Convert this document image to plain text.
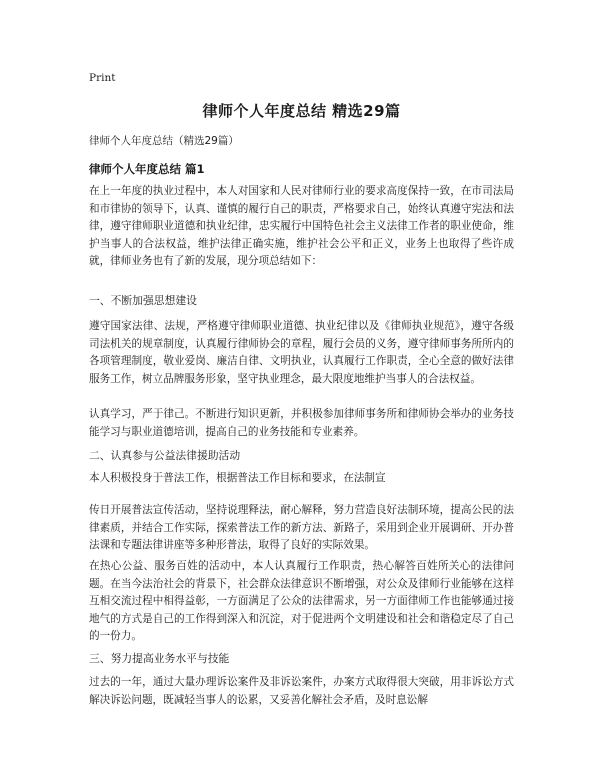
Print
律师个人年度总结 精选29篇
律师个人年度总结（精选29篇）
律师个人年度总结 篇1

在上一年度的执业过程中，本人对国家和人民对律师行业的要求高度保持一致，在市司法局和市律协的领导下，认真、谨慎的履行自己的职责，严格要求自己，始终认真遵守宪法和法律，遵守律师职业道德和执业纪律，忠实履行中国特色社会主义法律工作者的职业使命，维护当事人的合法权益，维护法律正确实施，维护社会公平和正义，业务上也取得了些许成就，律师业务也有了新的发展，现分项总结如下：

一、不断加强思想建设

遵守国家法律、法规，严格遵守律师职业道德、执业纪律以及《律师执业规范》，遵守各级司法机关的规章制度，认真履行律师协会的章程，履行会员的义务，遵守律师事务所所内的各项管理制度，敬业爱岗、廉洁自律、文明执业，认真履行工作职责，全心全意的做好法律服务工作，树立品牌服务形象，坚守执业理念，最大限度地维护当事人的合法权益。

认真学习，严于律己。不断进行知识更新，并积极参加律师事务所和律师协会举办的业务技能学习与职业道德培训，提高自己的业务技能和专业素养。

二、认真参与公益法律援助活动

本人积极投身于普法工作，根据普法工作目标和要求，在法制宣

传日开展普法宣传活动，坚持说理释法，耐心解释，努力营造良好法制环境，提高公民的法律素质，并结合工作实际，探索普法工作的新方法、新路子，采用到企业开展调研、开办普法课和专题法律讲座等多种形普法，取得了良好的实际效果。

在热心公益、服务百姓的活动中，本人认真履行工作职责，热心解答百姓所关心的法律问题。在当今法治社会的背景下，社会群众法律意识不断增强，对公众及律师行业能够在这样互相交流过程中相得益彰，一方面满足了公众的法律需求，另一方面律师工作也能够通过接地气的方式是自己的工作得到深入和沉淀，对于促进两个文明建设和社会和谐稳定尽了自己的一份力。

三、努力提高业务水平与技能

过去的一年，通过大量办理诉讼案件及非诉讼案件，办案方式取得很大突破，用非诉讼方式解决诉讼问题，既减轻当事人的讼累，又妥善化解社会矛盾，及时息讼解
